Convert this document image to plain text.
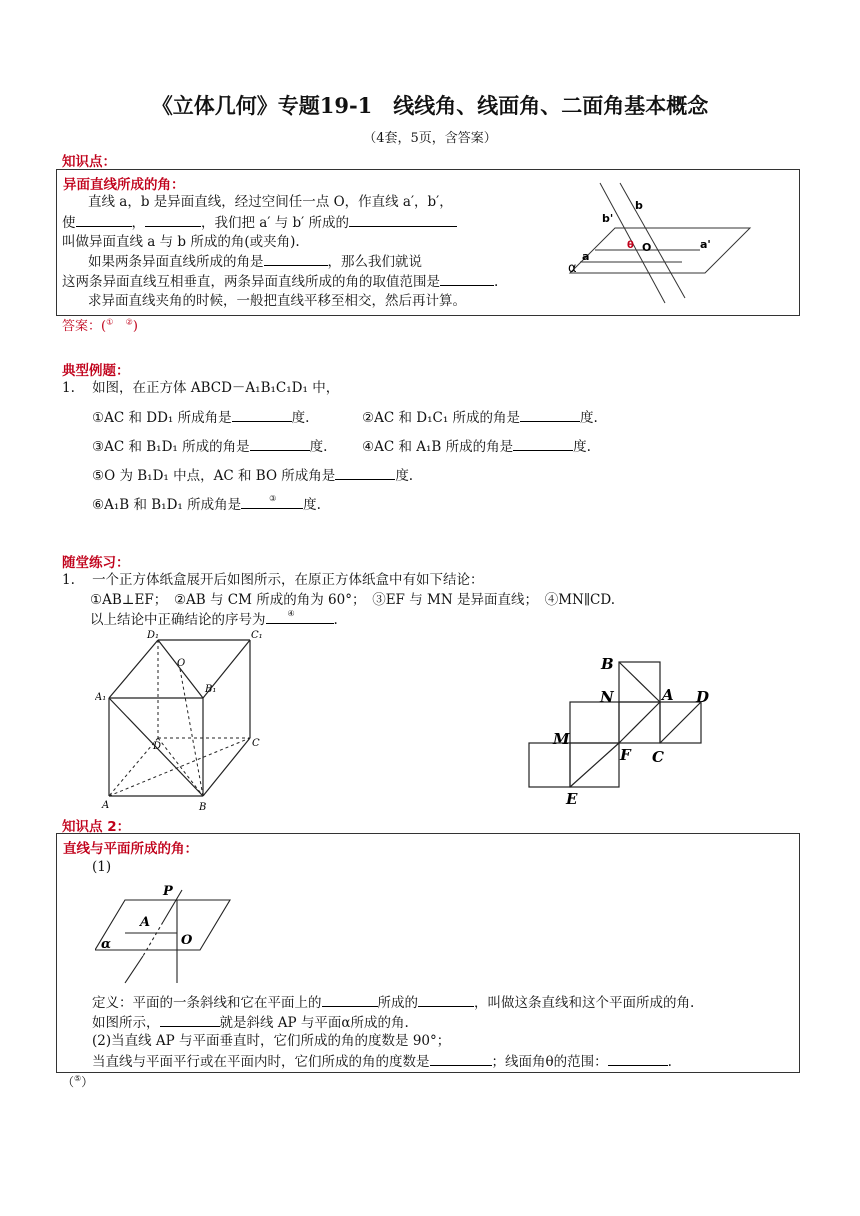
《立体几何》专题19-1　线线角、线面角、二面角基本概念
（4套，5页，含答案）
知识点：
异面直线所成的角：
直线 a，b 是异面直线，经过空间任一点 O，作直线 a′，b′，
使	，	，我们把 a′ 与 b′ 所成的
叫做异面直线 a 与 b 所成的角(或夹角).
如果两条异面直线所成的角是	，那么我们就说
这两条异面直线互相垂直，两条异面直线所成的角的取值范围是	.
求异面直线夹角的时候，一般把直线平移至相交，然后再计算。
b
b'
θ O	a'
a
α
答案：(① ②)
典型例题：
1. 如图，在正方体 ABCD－A₁B₁C₁D₁ 中，
①AC 和 DD₁ 所成角是	度.	②AC 和 D₁C₁ 所成的角是	度.
③AC 和 B₁D₁ 所成的角是	度.	④AC 和 A₁B 所成的角是	度.
⑤O 为 B₁D₁ 中点，AC 和 BO 所成角是	度.
⑥A₁B 和 B₁D₁ 所成角是	③ 度.
随堂练习：
1. 一个正方体纸盒展开后如图所示，在原正方体纸盒中有如下结论：
①AB⊥EF；　②AB 与 CM 所成的角为 60°；　③EF 与 MN 是异面直线；　④MN∥CD.
以上结论中正确结论的序号为	④	.
D₁	C₁
A₁
B₁
O
D	C
A	B
B
N	A D
M
F C
E
知识点 2：
直线与平面所成的角：
(1)
P
A
O
α
定义：平面的一条斜线和它在平面上的	所成的	，叫做这条直线和这个平面所成的角.
如图所示，	就是斜线 AP 与平面α所成的角.
(2)当直线 AP 与平面垂直时，它们所成的角的度数是 90°；
当直线与平面平行或在平面内时，它们所成的角的度数是	；线面角θ的范围：	.
（⑤）
